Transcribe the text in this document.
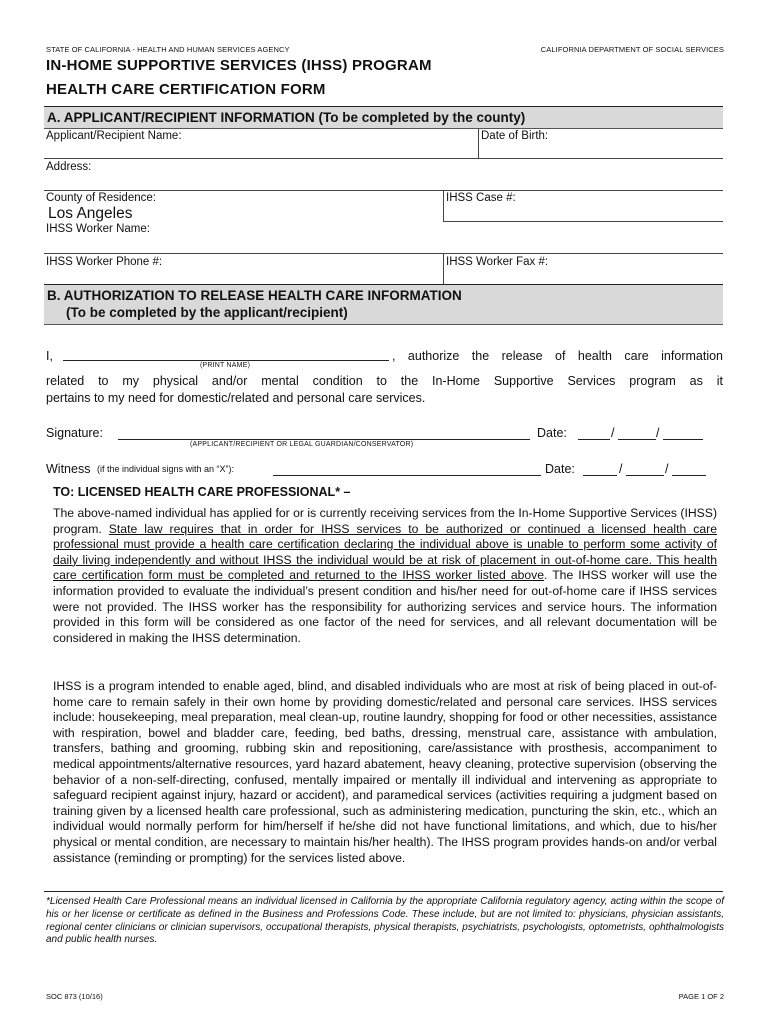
STATE OF CALIFORNIA - HEALTH AND HUMAN SERVICES AGENCY	CALIFORNIA DEPARTMENT OF SOCIAL SERVICES
IN-HOME SUPPORTIVE SERVICES (IHSS) PROGRAM
HEALTH CARE CERTIFICATION FORM
A. APPLICANT/RECIPIENT INFORMATION (To be completed by the county)
Applicant/Recipient Name:	Date of Birth:
Address:
County of Residence:
Los Angeles
IHSS Case #:
IHSS Worker Name:
IHSS Worker Phone #:	IHSS Worker Fax #:
B. AUTHORIZATION TO RELEASE HEALTH CARE INFORMATION
(To be completed by the applicant/recipient)
I,
(PRINT NAME)
, authorize the release of health care information
related to my physical and/or mental condition to the In-Home Supportive Services program as it
pertains to my need for domestic/related and personal care services.
Signature:
(APPLICANT/RECIPIENT OR LEGAL GUARDIAN/CONSERVATOR)
Date:	/	/
Witness (if the individual signs with an “X”):	Date:	/	/
TO: LICENSED HEALTH CARE PROFESSIONAL* –
The above-named individual has applied for or is currently receiving services from the In-Home Supportive Services (IHSS) program. State law requires that in order for IHSS services to be authorized or continued a licensed health care professional must provide a health care certification declaring the individual above is unable to perform some activity of daily living independently and without IHSS the individual would be at risk of placement in out-of-home care. This health care certification form must be completed and returned to the IHSS worker listed above. The IHSS worker will use the information provided to evaluate the individual’s present condition and his/her need for out-of-home care if IHSS services were not provided. The IHSS worker has the responsibility for authorizing services and service hours. The information provided in this form will be considered as one factor of the need for services, and all relevant documentation will be considered in making the IHSS determination.
IHSS is a program intended to enable aged, blind, and disabled individuals who are most at risk of being placed in out-of-home care to remain safely in their own home by providing domestic/related and personal care services. IHSS services include: housekeeping, meal preparation, meal clean-up, routine laundry, shopping for food or other necessities, assistance with respiration, bowel and bladder care, feeding, bed baths, dressing, menstrual care, assistance with ambulation, transfers, bathing and grooming, rubbing skin and repositioning, care/assistance with prosthesis, accompaniment to medical appointments/alternative resources, yard hazard abatement, heavy cleaning, protective supervision (observing the behavior of a non-self-directing, confused, mentally impaired or mentally ill individual and intervening as appropriate to safeguard recipient against injury, hazard or accident), and paramedical services (activities requiring a judgment based on training given by a licensed health care professional, such as administering medication, puncturing the skin, etc., which an individual would normally perform for him/herself if he/she did not have functional limitations, and which, due to his/her physical or mental condition, are necessary to maintain his/her health). The IHSS program provides hands-on and/or verbal assistance (reminding or prompting) for the services listed above.
*Licensed Health Care Professional means an individual licensed in California by the appropriate California regulatory agency, acting within the scope of his or her license or certificate as defined in the Business and Professions Code. These include, but are not limited to: physicians, physician assistants, regional center clinicians or clinician supervisors, occupational therapists, physical therapists, psychiatrists, psychologists, optometrists, ophthalmologists and public health nurses.
SOC 873 (10/16)	PAGE 1 OF 2
